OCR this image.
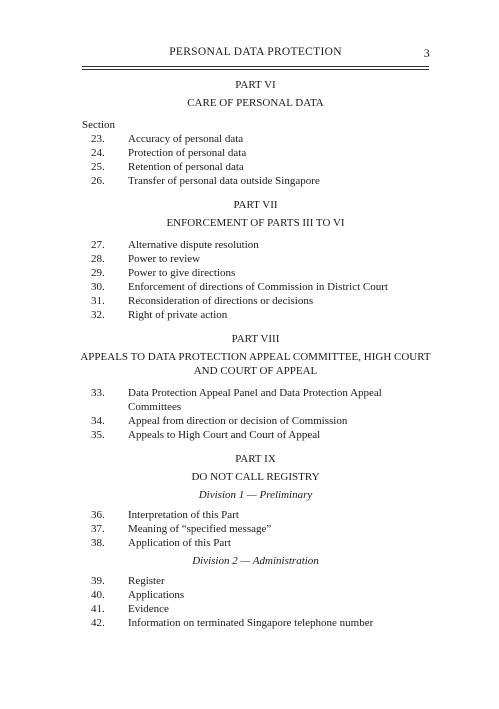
PERSONAL DATA PROTECTION	3

PART VI

CARE OF PERSONAL DATA

Section

23.	Accuracy of personal data
24.	Protection of personal data
25.	Retention of personal data
26.	Transfer of personal data outside Singapore

PART VII

ENFORCEMENT OF PARTS III TO VI

27.	Alternative dispute resolution
28.	Power to review
29.	Power to give directions
30.	Enforcement of directions of Commission in District Court
31.	Reconsideration of directions or decisions
32.	Right of private action

PART VIII

APPEALS TO DATA PROTECTION APPEAL COMMITTEE, HIGH COURT AND COURT OF APPEAL

33.	Data Protection Appeal Panel and Data Protection Appeal Committees
34.	Appeal from direction or decision of Commission
35.	Appeals to High Court and Court of Appeal

PART IX

DO NOT CALL REGISTRY

Division 1 — Preliminary

36.	Interpretation of this Part
37.	Meaning of “specified message”
38.	Application of this Part

Division 2 — Administration

39.	Register
40.	Applications
41.	Evidence
42.	Information on terminated Singapore telephone number
